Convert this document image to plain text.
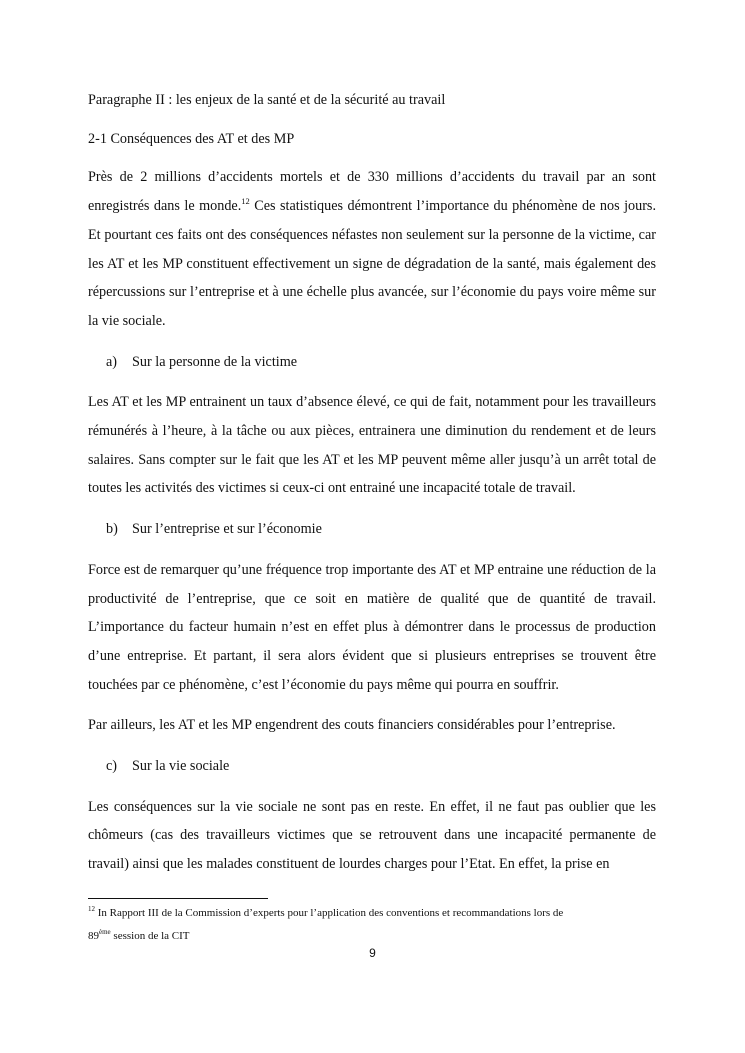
Paragraphe II : les enjeux de la santé et de la sécurité au travail

2-1 Conséquences des AT et des MP

Près de 2 millions d’accidents mortels et de 330 millions d’accidents du travail par an sont enregistrés dans le monde.$^{12}$ Ces statistiques démontrent l’importance du phénomène de nos jours. Et pourtant ces faits ont des conséquences néfastes non seulement sur la personne de la victime, car les AT et les MP constituent effectivement un signe de dégradation de la santé, mais également des répercussions sur l’entreprise et à une échelle plus avancée, sur l’économie du pays voire même sur la vie sociale.

a) Sur la personne de la victime

Les AT et les MP entrainent un taux d’absence élevé, ce qui de fait, notamment pour les travailleurs rémunérés à l’heure, à la tâche ou aux pièces, entrainera une diminution du rendement et de leurs salaires. Sans compter sur le fait que les AT et les MP peuvent même aller jusqu’à un arrêt total de toutes les activités des victimes si ceux-ci ont entrainé une incapacité totale de travail.

b) Sur l’entreprise et sur l’économie

Force est de remarquer qu’une fréquence trop importante des AT et MP entraine une réduction de la productivité de l’entreprise, que ce soit en matière de qualité que de quantité de travail. L’importance du facteur humain n’est en effet plus à démontrer dans le processus de production d’une entreprise. Et partant, il sera alors évident que si plusieurs entreprises se trouvent être touchées par ce phénomène, c’est l’économie du pays même qui pourra en souffrir.

Par ailleurs, les AT et les MP engendrent des couts financiers considérables pour l’entreprise.

c) Sur la vie sociale

Les conséquences sur la vie sociale ne sont pas en reste. En effet, il ne faut pas oublier que les chômeurs (cas des travailleurs victimes que se retrouvent dans une incapacité permanente de travail) ainsi que les malades constituent de lourdes charges pour l’Etat. En effet, la prise en

$^{12}$ In Rapport III de la Commission d’experts pour l’application des conventions et recommandations lors de
89ème session de la CIT
9
